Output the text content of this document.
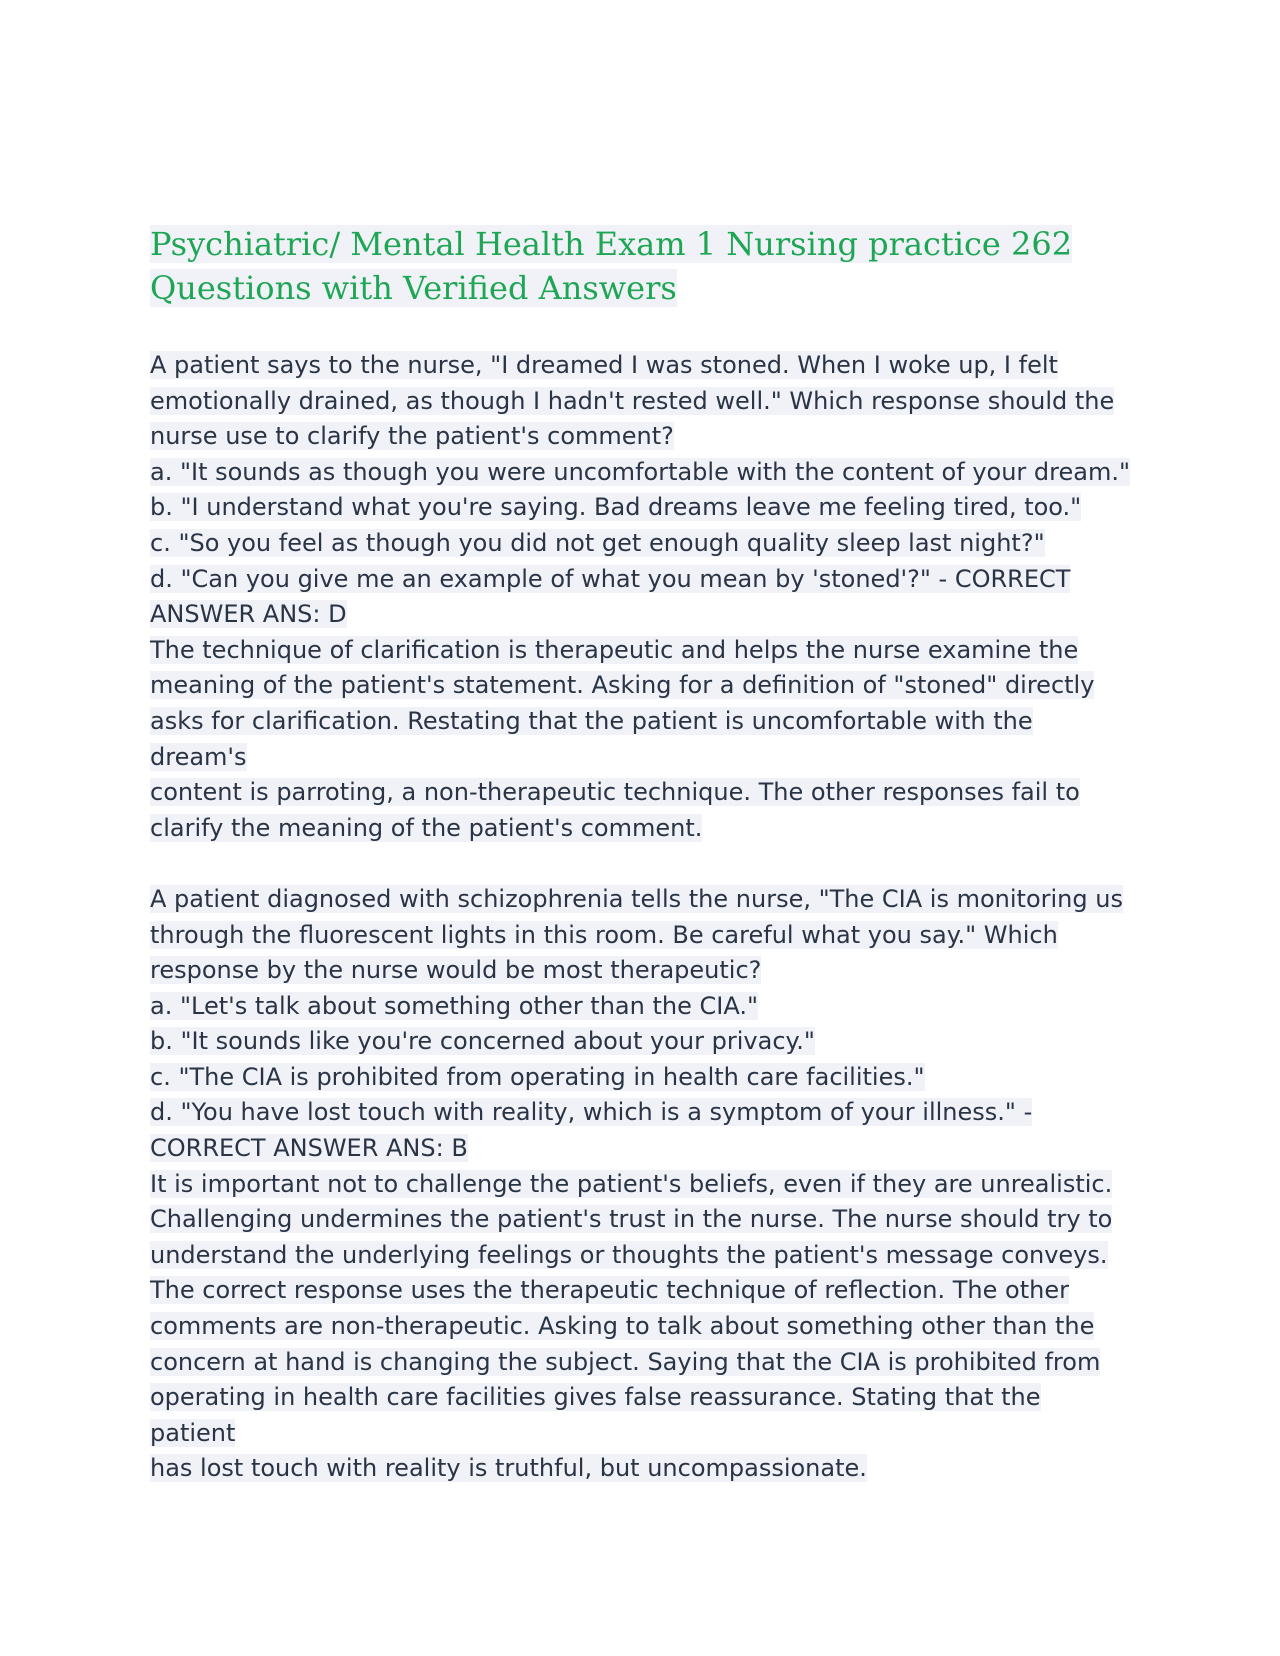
Psychiatric/ Mental Health Exam 1 Nursing practice 262
Questions with Verified Answers
A patient says to the nurse, "I dreamed I was stoned. When I woke up, I felt
emotionally drained, as though I hadn't rested well." Which response should the
nurse use to clarify the patient's comment?
a. "It sounds as though you were uncomfortable with the content of your dream."
b. "I understand what you're saying. Bad dreams leave me feeling tired, too."
c. "So you feel as though you did not get enough quality sleep last night?"
d. "Can you give me an example of what you mean by 'stoned'?" - CORRECT
ANSWER ANS: D
The technique of clarification is therapeutic and helps the nurse examine the
meaning of the patient's statement. Asking for a definition of "stoned" directly
asks for clarification. Restating that the patient is uncomfortable with the dream's
content is parroting, a non-therapeutic technique. The other responses fail to
clarify the meaning of the patient's comment.
A patient diagnosed with schizophrenia tells the nurse, "The CIA is monitoring us
through the fluorescent lights in this room. Be careful what you say." Which
response by the nurse would be most therapeutic?
a. "Let's talk about something other than the CIA."
b. "It sounds like you're concerned about your privacy."
c. "The CIA is prohibited from operating in health care facilities."
d. "You have lost touch with reality, which is a symptom of your illness." -
CORRECT ANSWER ANS: B
It is important not to challenge the patient's beliefs, even if they are unrealistic.
Challenging undermines the patient's trust in the nurse. The nurse should try to
understand the underlying feelings or thoughts the patient's message conveys.
The correct response uses the therapeutic technique of reflection. The other
comments are non-therapeutic. Asking to talk about something other than the
concern at hand is changing the subject. Saying that the CIA is prohibited from
operating in health care facilities gives false reassurance. Stating that the patient
has lost touch with reality is truthful, but uncompassionate.
